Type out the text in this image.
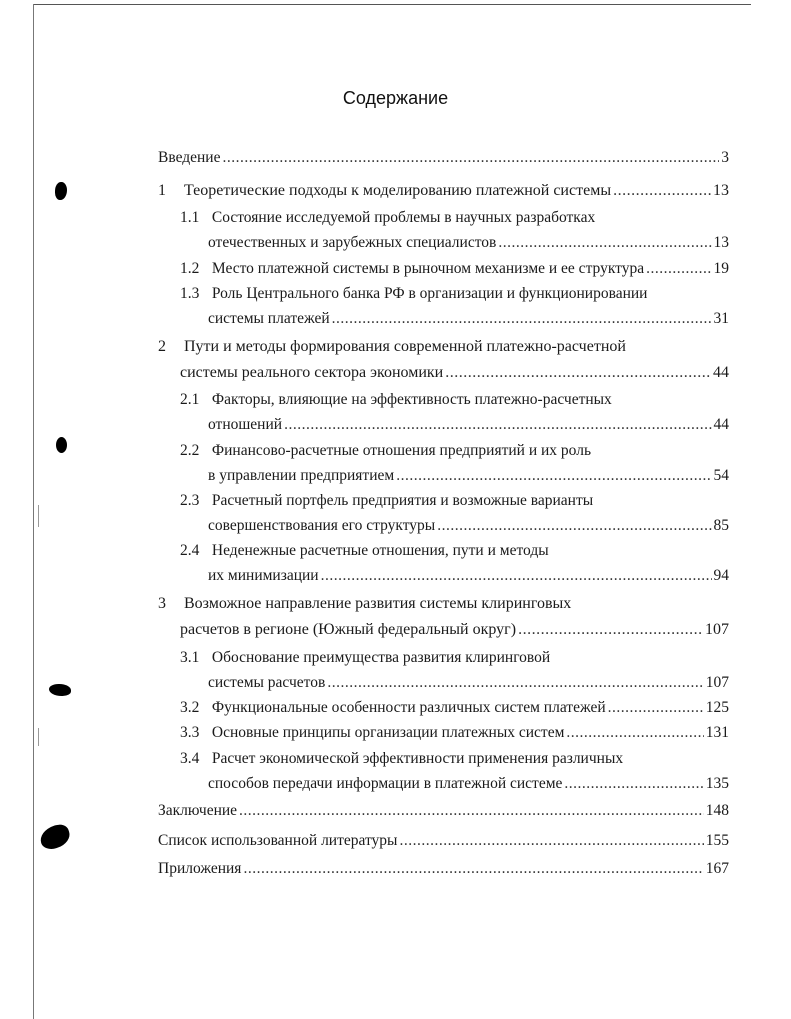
Содержание
Введение .....	3
1 Теоретические подходы к моделированию платежной системы .....	13
1.1 Состояние исследуемой проблемы в научных разработках
отечественных и зарубежных специалистов .....	13
1.2 Место платежной системы в рыночном механизме и ее структура .....	19
1.3 Роль Центрального банка РФ в организации и функционировании
системы платежей .....	31
2 Пути и методы формирования современной платежно-расчетной
системы реального сектора экономики .....	44
2.1 Факторы, влияющие на эффективность платежно-расчетных
отношений .....	44
2.2 Финансово-расчетные отношения предприятий и их роль
в управлении предприятием .....	54
2.3 Расчетный портфель предприятия и возможные варианты
совершенствования его структуры .....	85
2.4 Неденежные расчетные отношения, пути и методы
их минимизации .....	94
3 Возможное направление развития системы клиринговых
расчетов в регионе (Южный федеральный округ) .....	107
3.1 Обоснование преимущества развития клиринговой
системы расчетов .....	107
3.2 Функциональные особенности различных систем платежей .....	125
3.3 Основные принципы организации платежных систем .....	131
3.4 Расчет экономической эффективности применения различных
способов передачи информации в платежной системе .....	135
Заключение .....	148
Список использованной литературы .....	155
Приложения .....	167
